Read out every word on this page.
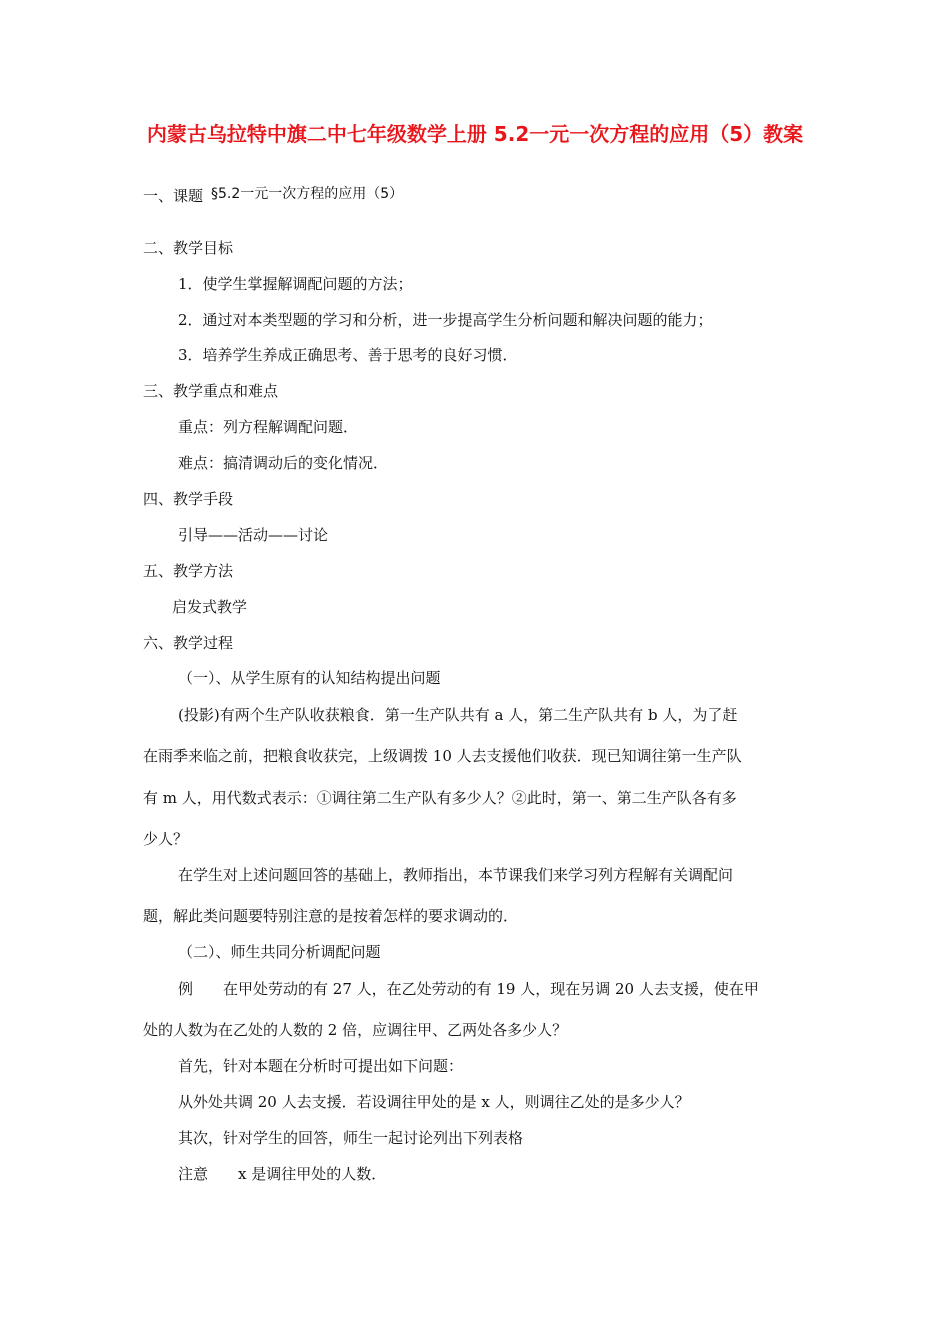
内蒙古乌拉特中旗二中七年级数学上册 5.2一元一次方程的应用（5）教案
一、课题 §5.2一元一次方程的应用（5）
二、教学目标
1．使学生掌握解调配问题的方法；
2．通过对本类型题的学习和分析，进一步提高学生分析问题和解决问题的能力；
3．培养学生养成正确思考、善于思考的良好习惯．
三、教学重点和难点
重点：列方程解调配问题．
难点：搞清调动后的变化情况．
四、教学手段
引导——活动——讨论
五、教学方法
启发式教学
六、教学过程
（一）、从学生原有的认知结构提出问题
(投影)有两个生产队收获粮食．第一生产队共有 a 人，第二生产队共有 b 人，为了赶
在雨季来临之前，把粮食收获完，上级调拨 10 人去支援他们收获．现已知调往第一生产队
有 m 人，用代数式表示：①调往第二生产队有多少人？②此时，第一、第二生产队各有多
少人？
在学生对上述问题回答的基础上，教师指出，本节课我们来学习列方程解有关调配问
题，解此类问题要特别注意的是按着怎样的要求调动的．
（二）、师生共同分析调配问题
例　　在甲处劳动的有 27 人，在乙处劳动的有 19 人，现在另调 20 人去支援，使在甲
处的人数为在乙处的人数的 2 倍，应调往甲、乙两处各多少人？
首先，针对本题在分析时可提出如下问题：
从外处共调 20 人去支援．若设调往甲处的是 x 人，则调往乙处的是多少人？
其次，针对学生的回答，师生一起讨论列出下列表格
注意　　x 是调往甲处的人数．
